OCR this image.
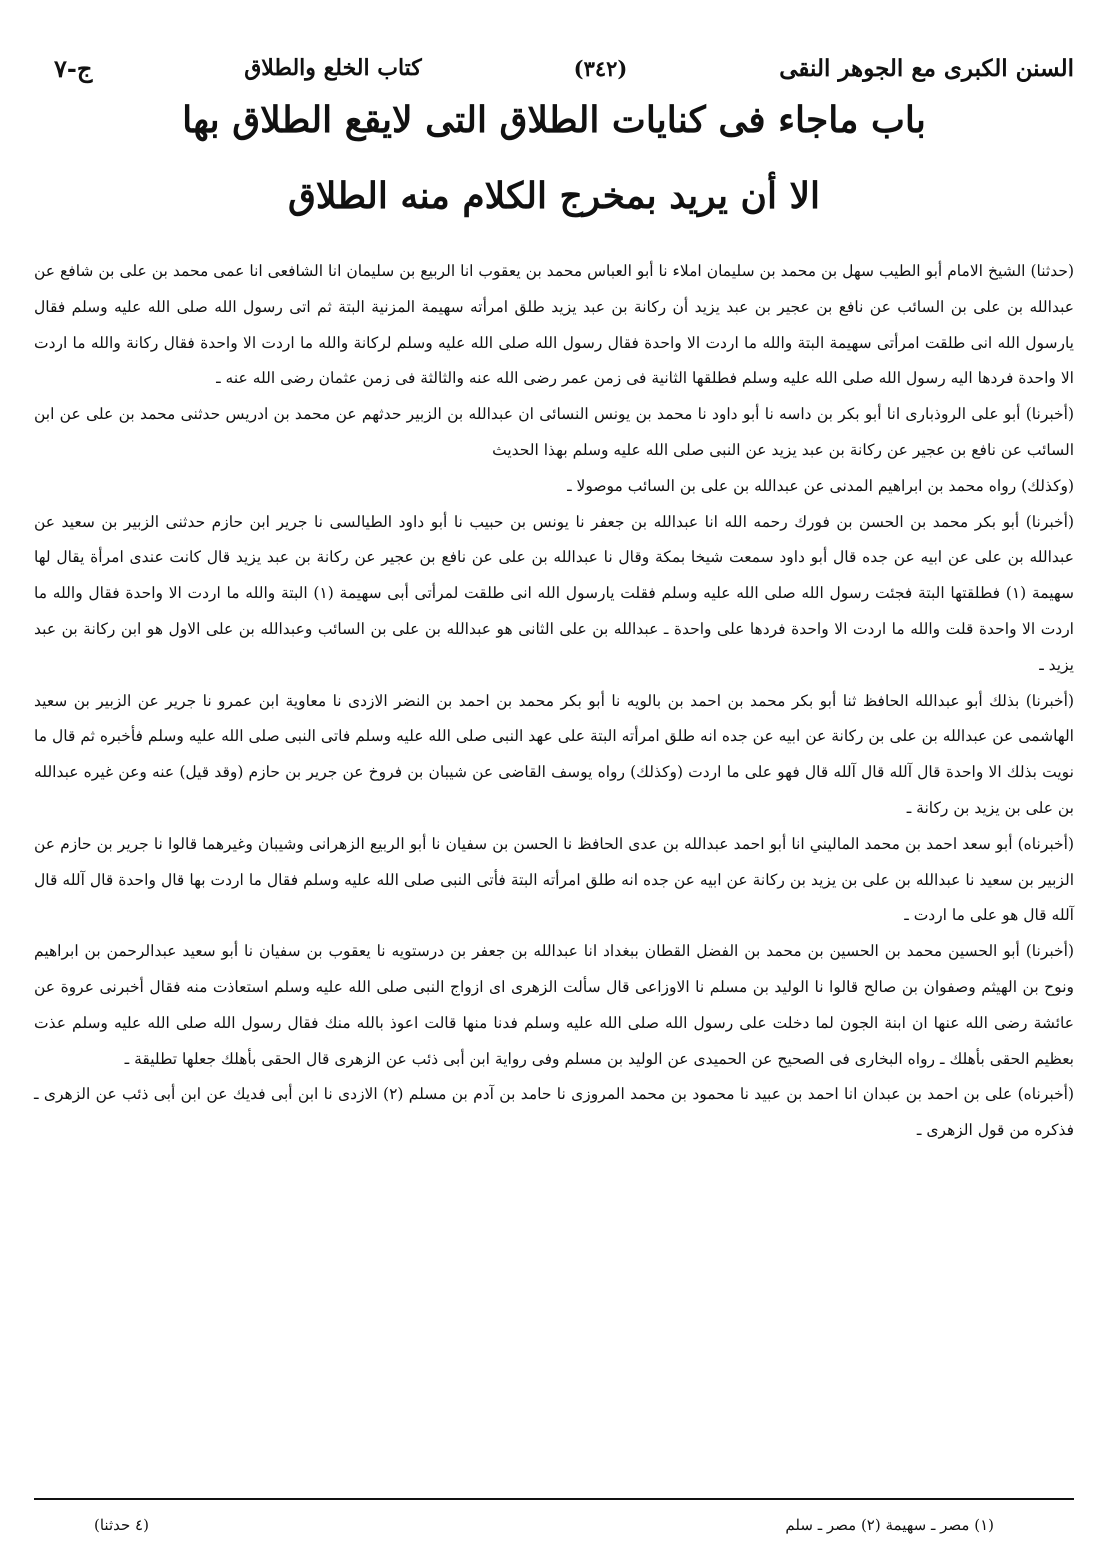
السنن الكبرى مع الجوهر النقى
(٣٤٢)
كتاب الخلع والطلاق
ج-٧
باب ماجاء فى كنايات الطلاق التى لايقع الطلاق بها
الا أن يريد بمخرج الكلام منه الطلاق

(حدثنا) الشيخ الامام أبو الطيب سهل بن محمد بن سليمان املاء نا أبو العباس محمد بن يعقوب انا الربيع بن سليمان انا الشافعى انا عمى محمد بن على بن شافع عن عبدالله بن على بن السائب عن نافع بن عجير بن عبد يزيد أن ركانة بن عبد يزيد طلق امرأته سهيمة المزنية البتة ثم اتى رسول الله صلى الله عليه وسلم فقال يارسول الله انى طلقت امرأتى سهيمة البتة والله ما اردت الا واحدة فقال رسول الله صلى الله عليه وسلم لركانة والله ما اردت الا واحدة فقال ركانة والله ما اردت الا واحدة فردها اليه رسول الله صلى الله عليه وسلم فطلقها الثانية فى زمن عمر رضى الله عنه والثالثة فى زمن عثمان رضى الله عنه ـ

(أخبرنا) أبو على الروذبارى انا أبو بكر بن داسه نا أبو داود نا محمد بن يونس النسائى ان عبدالله بن الزبير حدثهم عن محمد بن ادريس حدثنى محمد بن على عن ابن السائب عن نافع بن عجير عن ركانة بن عبد يزيد عن النبى صلى الله عليه وسلم بهذا الحديث

(وكذلك) رواه محمد بن ابراهيم المدنى عن عبدالله بن على بن السائب موصولا ـ

(أخبرنا) أبو بكر محمد بن الحسن بن فورك رحمه الله انا عبدالله بن جعفر نا يونس بن حبيب نا أبو داود الطيالسى نا جرير ابن حازم حدثنى الزبير بن سعيد عن عبدالله بن على عن ابيه عن جده قال أبو داود سمعت شيخا بمكة وقال نا عبدالله بن على عن نافع بن عجير عن ركانة بن عبد يزيد قال كانت عندى امرأة يقال لها سهيمة (١) فطلقتها البتة فجئت رسول الله صلى الله عليه وسلم فقلت يارسول الله انى طلقت لمرأتى أبى سهيمة (١) البتة والله ما اردت الا واحدة فقال والله ما اردت الا واحدة قلت والله ما اردت الا واحدة فردها على واحدة ـ عبدالله بن على الثانى هو عبدالله بن على بن السائب وعبدالله بن على الاول هو ابن ركانة بن عبد يزيد ـ

(أخبرنا) بذلك أبو عبدالله الحافظ ثنا أبو بكر محمد بن احمد بن بالويه نا أبو بكر محمد بن احمد بن النضر الازدى نا معاوية ابن عمرو نا جرير عن الزبير بن سعيد الهاشمى عن عبدالله بن على بن ركانة عن ابيه عن جده انه طلق امرأته البتة على عهد النبى صلى الله عليه وسلم فاتى النبى صلى الله عليه وسلم فأخبره ثم قال ما نويت بذلك الا واحدة قال آلله قال آلله قال فهو على ما اردت (وكذلك) رواه يوسف القاضى عن شيبان بن فروخ عن جرير بن حازم (وقد قيل) عنه وعن غيره عبدالله بن على بن يزيد بن ركانة ـ

(أخبرناه) أبو سعد احمد بن محمد الماليني انا أبو احمد عبدالله بن عدى الحافظ نا الحسن بن سفيان نا أبو الربيع الزهرانى وشيبان وغيرهما قالوا نا جرير بن حازم عن الزبير بن سعيد نا عبدالله بن على بن يزيد بن ركانة عن ابيه عن جده انه طلق امرأته البتة فأتى النبى صلى الله عليه وسلم فقال ما اردت بها قال واحدة قال آلله قال آلله قال هو على ما اردت ـ

(أخبرنا) أبو الحسين محمد بن الحسين بن محمد بن الفضل القطان ببغداد انا عبدالله بن جعفر بن درستويه نا يعقوب بن سفيان نا أبو سعيد عبدالرحمن بن ابراهيم ونوح بن الهيثم وصفوان بن صالح قالوا نا الوليد بن مسلم نا الاوزاعى قال سألت الزهرى اى ازواج النبى صلى الله عليه وسلم استعاذت منه فقال أخبرنى عروة عن عائشة رضى الله عنها ان ابنة الجون لما دخلت على رسول الله صلى الله عليه وسلم فدنا منها قالت اعوذ بالله منك فقال رسول الله صلى الله عليه وسلم عذت بعظيم الحقى بأهلك ـ رواه البخارى فى الصحيح عن الحميدى عن الوليد بن مسلم وفى رواية ابن أبى ذئب عن الزهرى قال الحقى بأهلك جعلها تطليقة ـ

(أخبرناه) على بن احمد بن عبدان انا احمد بن عبيد نا محمود بن محمد المروزى نا حامد بن آدم بن مسلم (٢) الازدى نا ابن أبى فديك عن ابن أبى ذئب عن الزهرى ـ فذكره من قول الزهرى ـ

(١) مصر ـ سهيمة (٢) مصر ـ سلم
(٤ حدثنا)
